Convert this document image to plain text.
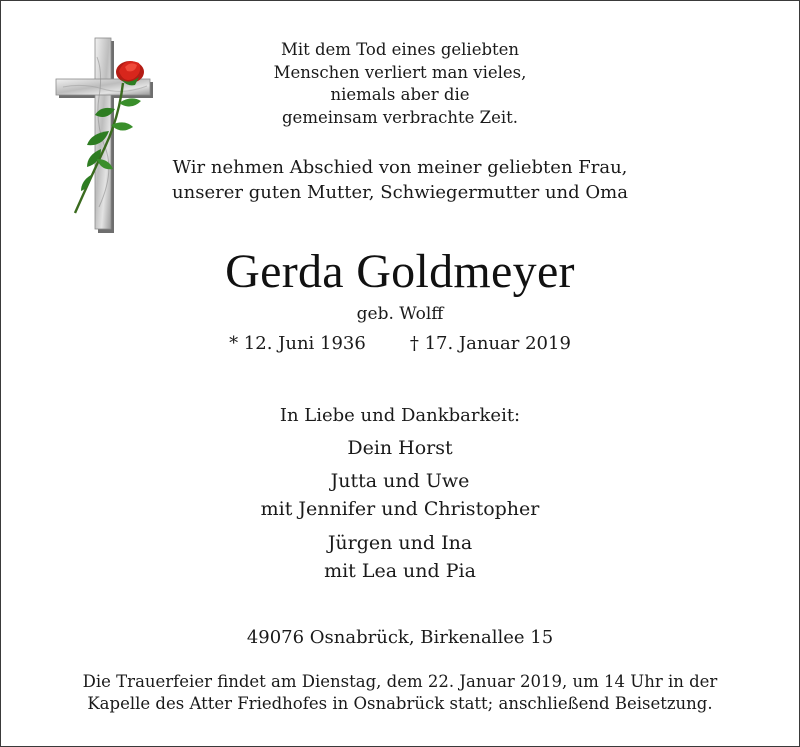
Mit dem Tod eines geliebten
Menschen verliert man vieles,
niemals aber die
gemeinsam verbrachte Zeit.
Wir nehmen Abschied von meiner geliebten Frau,
unserer guten Mutter, Schwiegermutter und Oma
Gerda Goldmeyer
geb. Wolff
* 12. Juni 1936 † 17. Januar 2019
In Liebe und Dankbarkeit:
Dein Horst
Jutta und Uwe
mit Jennifer und Christopher
Jürgen und Ina
mit Lea und Pia
49076 Osnabrück, Birkenallee 15
Die Trauerfeier findet am Dienstag, dem 22. Januar 2019, um 14 Uhr in der
Kapelle des Atter Friedhofes in Osnabrück statt; anschließend Beisetzung.
